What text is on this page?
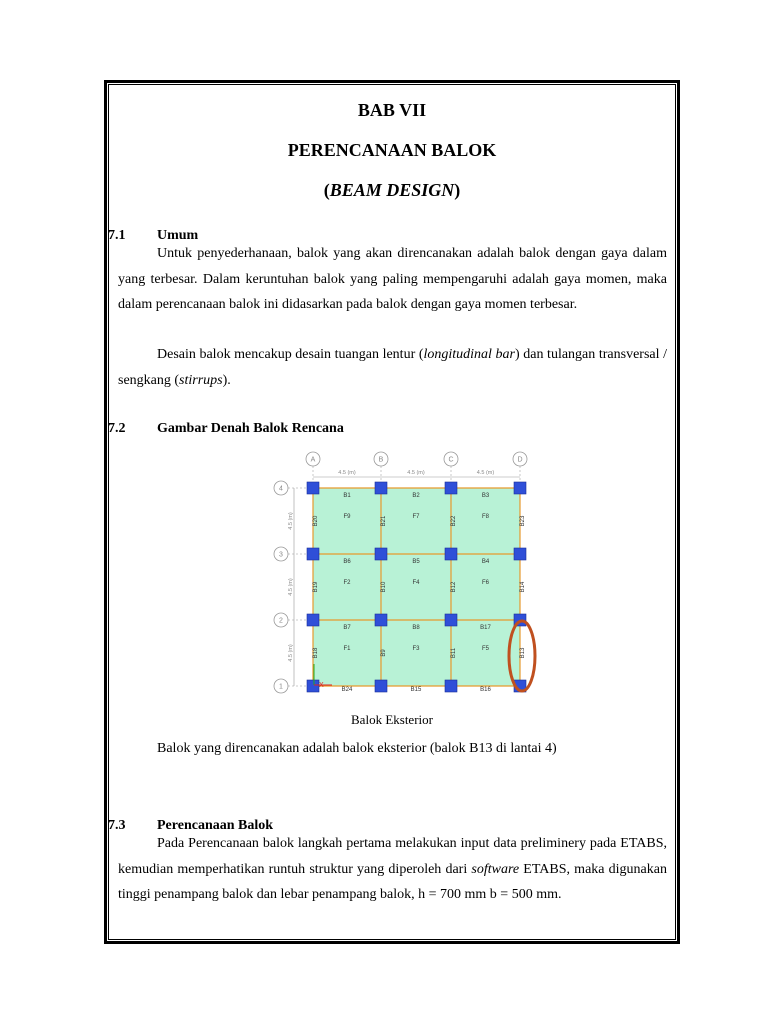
BAB VII
PERENCANAAN BALOK
(BEAM DESIGN)
7.1 Umum
Untuk penyederhanaan, balok yang akan direncanakan adalah balok dengan gaya dalam yang terbesar. Dalam keruntuhan balok yang paling mempengaruhi adalah gaya momen, maka dalam perencanaan balok ini didasarkan pada balok dengan gaya momen terbesar.
Desain balok mencakup desain tuangan lentur (longitudinal bar) dan tulangan transversal / sengkang (stirrups).
7.2 Gambar Denah Balok Rencana
4.5 (m)
4.5 (m)
4.5 (m)
4.5 (m)
4.5 (m)
4.5 (m)
B1	B2	B3
B6	B5	B4
B7	B8	B17
B24	B15	B16
B20	B21	B22	B23
B19	B10	B12	B14
B18	B9	B11	B13
F9	F7	F8
F2	F4	F6
F1	F3	F5
A	B	C	D
4
3
2
1	X
Balok Eksterior
Balok yang direncanakan adalah balok eksterior (balok B13 di lantai 4)
7.3 Perencanaan Balok
Pada Perencanaan balok langkah pertama melakukan input data preliminery pada ETABS, kemudian memperhatikan runtuh struktur yang diperoleh dari software ETABS, maka digunakan tinggi penampang balok dan lebar penampang balok, h = 700 mm b = 500 mm.
